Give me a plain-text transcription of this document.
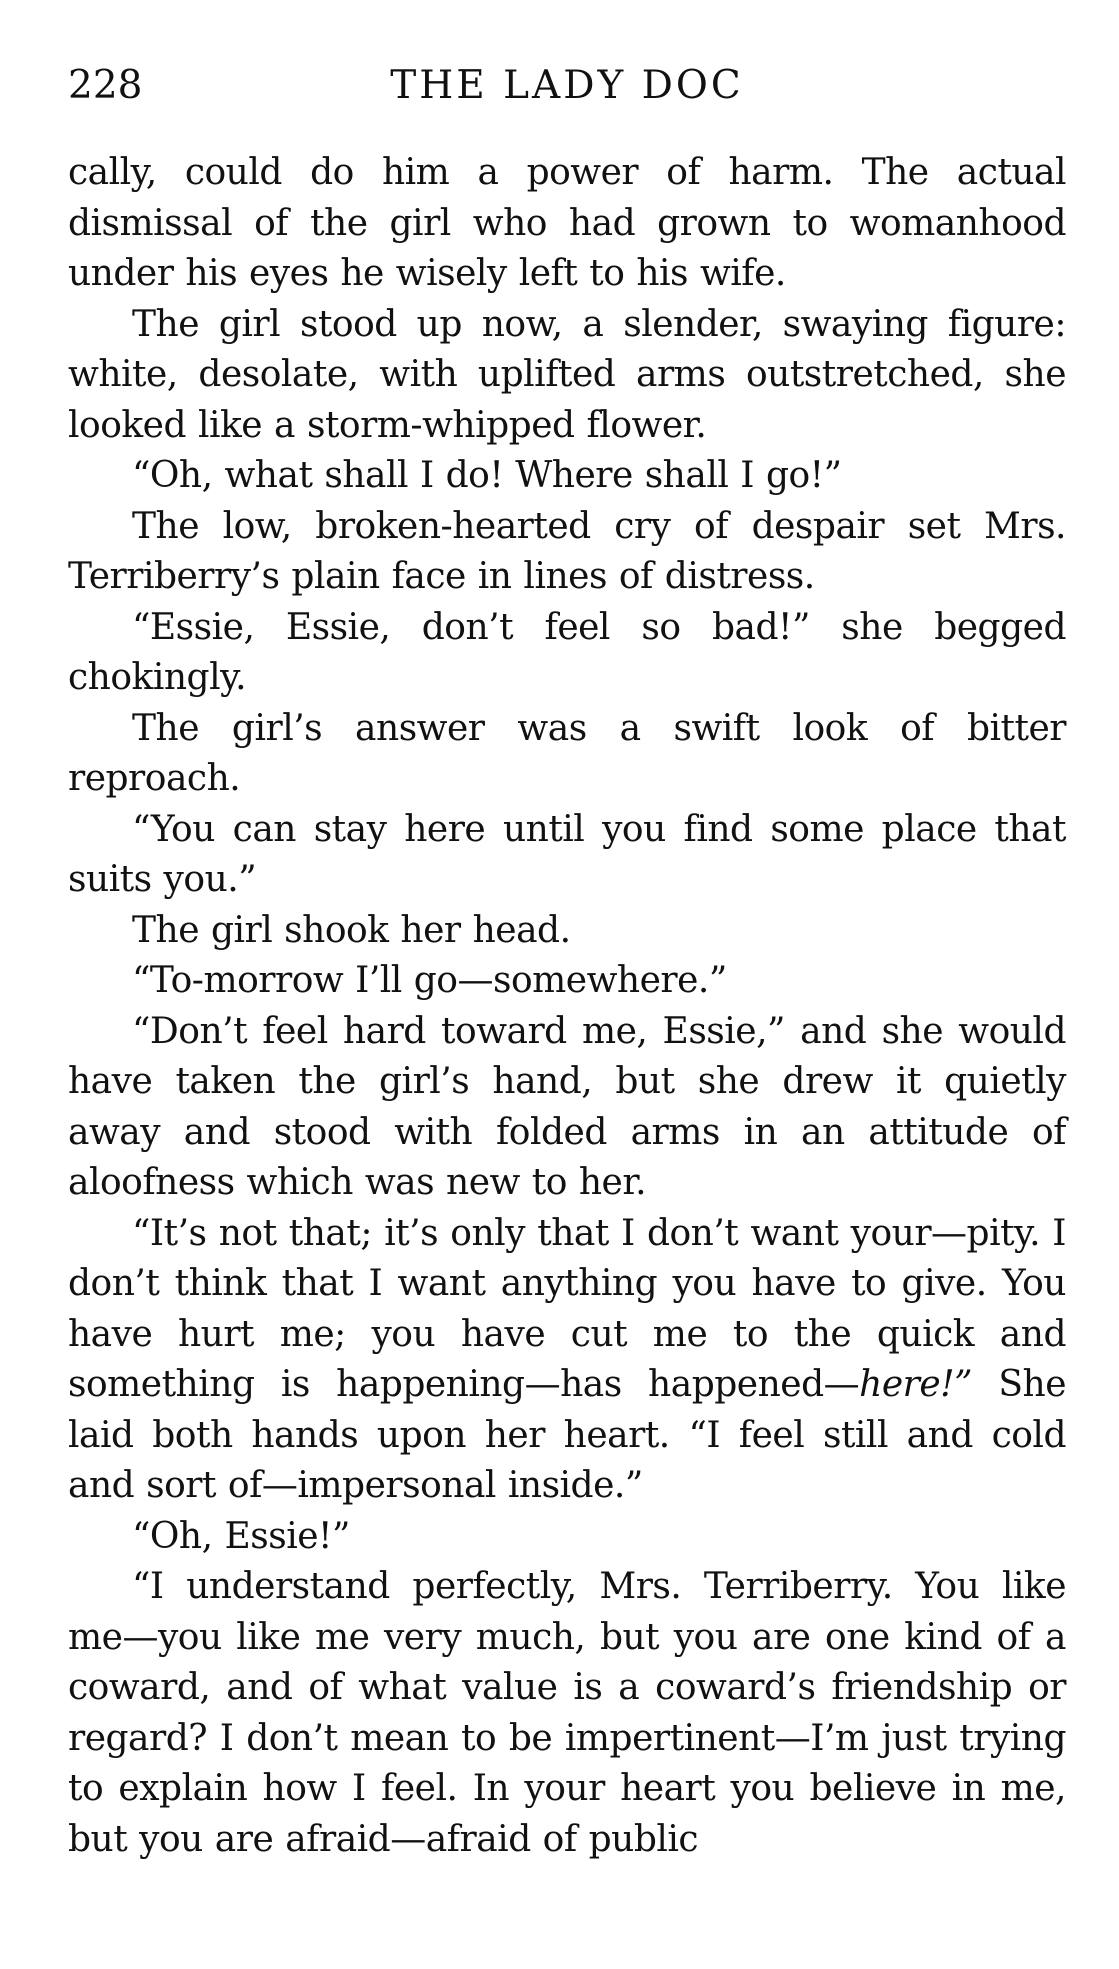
228	THE LADY DOC

cally, could do him a power of harm. The actual dismissal of the girl who had grown to womanhood under his eyes he wisely left to his wife.

The girl stood up now, a slender, swaying figure: white, desolate, with uplifted arms outstretched, she looked like a storm-whipped flower.

“Oh, what shall I do! Where shall I go!”

The low, broken-hearted cry of despair set Mrs. Terriberry’s plain face in lines of distress.

“Essie, Essie, don’t feel so bad!” she begged chokingly.

The girl’s answer was a swift look of bitter reproach.

“You can stay here until you find some place that suits you.”

The girl shook her head.

“To-morrow I’ll go—somewhere.”

“Don’t feel hard toward me, Essie,” and she would have taken the girl’s hand, but she drew it quietly away and stood with folded arms in an attitude of aloofness which was new to her.

“It’s not that; it’s only that I don’t want your—pity. I don’t think that I want anything you have to give. You have hurt me; you have cut me to the quick and something is happening—has happened—here!” She laid both hands upon her heart. “I feel still and cold and sort of—impersonal inside.”

“Oh, Essie!”

“I understand perfectly, Mrs. Terriberry. You like me—you like me very much, but you are one kind of a coward, and of what value is a coward’s friendship or regard? I don’t mean to be impertinent—I’m just trying to explain how I feel. In your heart you believe in me, but you are afraid—afraid of public
